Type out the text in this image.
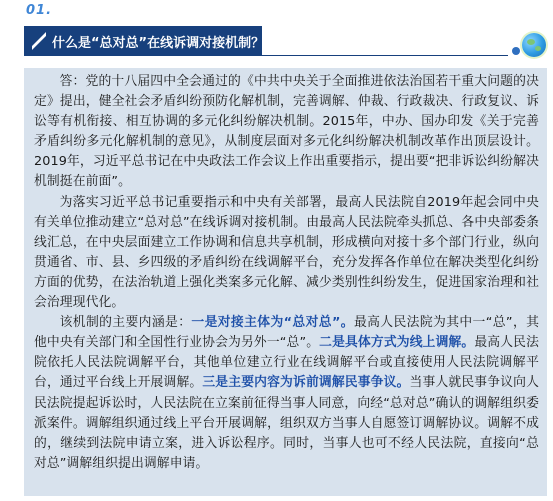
01.
什么是“总对总”在线诉调对接机制？

答：党的十八届四中全会通过的《中共中央关于全面推进依法治国若干重大问题的决定》提出，健全社会矛盾纠纷预防化解机制，完善调解、仲裁、行政裁决、行政复议、诉讼等有机衔接、相互协调的多元化纠纷解决机制。2015年，中办、国办印发《关于完善矛盾纠纷多元化解机制的意见》，从制度层面对多元化纠纷解决机制改革作出顶层设计。2019年，习近平总书记在中央政法工作会议上作出重要指示，提出要“把非诉讼纠纷解决机制挺在前面”。

为落实习近平总书记重要指示和中央有关部署，最高人民法院自2019年起会同中央有关单位推动建立“总对总”在线诉调对接机制。由最高人民法院牵头抓总、各中央部委条线汇总，在中央层面建立工作协调和信息共享机制，形成横向对接十多个部门行业，纵向贯通省、市、县、乡四级的矛盾纠纷在线调解平台，充分发挥各作单位在解决类型化纠纷方面的优势，在法治轨道上强化类案多元化解、减少类别性纠纷发生，促进国家治理和社会治理现代化。

该机制的主要内涵是：一是对接主体为“总对总”。最高人民法院为其中一“总”，其他中央有关部门和全国性行业协会为另外一“总”。二是具体方式为线上调解。最高人民法院依托人民法院调解平台，其他单位建立行业在线调解平台或直接使用人民法院调解平台，通过平台线上开展调解。三是主要内容为诉前调解民事争议。当事人就民事争议向人民法院提起诉讼时，人民法院在立案前征得当事人同意，向经“总对总”确认的调解组织委派案件。调解组织通过线上平台开展调解，组织双方当事人自愿签订调解协议。调解不成的，继续到法院申请立案，进入诉讼程序。同时，当事人也可不经人民法院，直接向“总对总”调解组织提出调解申请。
